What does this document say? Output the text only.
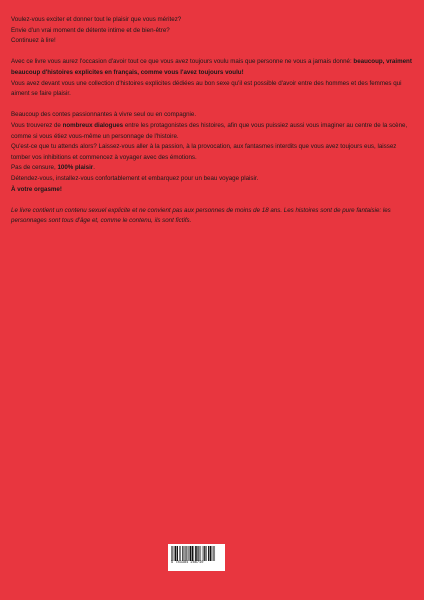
Voulez-vous exciter et donner tout le plaisir que vous méritez?

Envie d'un vrai moment de détente intime et de bien-être?

Continuez à lire!

Avec ce livre vous aurez l'occasion d'avoir tout ce que vous avez toujours voulu mais que personne ne vous a jamais donné: beaucoup, vraiment beaucoup d'histoires explicites en français, comme vous l'avez toujours voulu!

Vous avez devant vous une collection d'histoires explicites dédiées au bon sexe qu'il est possible d'avoir entre des hommes et des femmes qui aiment se faire plaisir.

Beaucoup des contes passionnantes à vivre seul ou en compagnie.

Vous trouverez de nombreux dialogues entre les protagonistes des histoires, afin que vous puissiez aussi vous imaginer au centre de la scène, comme si vous étiez vous-même un personnage de l'histoire.

Qu'est-ce que tu attends alors? Laissez-vous aller à la passion, à la provocation, aux fantasmes interdits que vous avez toujours eus, laissez tomber vos inhibitions et commencez à voyager avec des émotions.

Pas de censure, 100% plaisir.

Détendez-vous, installez-vous confortablement et embarquez pour un beau voyage plaisir.

À votre orgasme!

Le livre contient un contenu sexuel explicite et ne convient pas aux personnes de moins de 18 ans. Les histoires sont de pure fantaisie: les personnages sont tous d'âge et, comme le contenu, ils sont fictifs.

9 783384 286710
